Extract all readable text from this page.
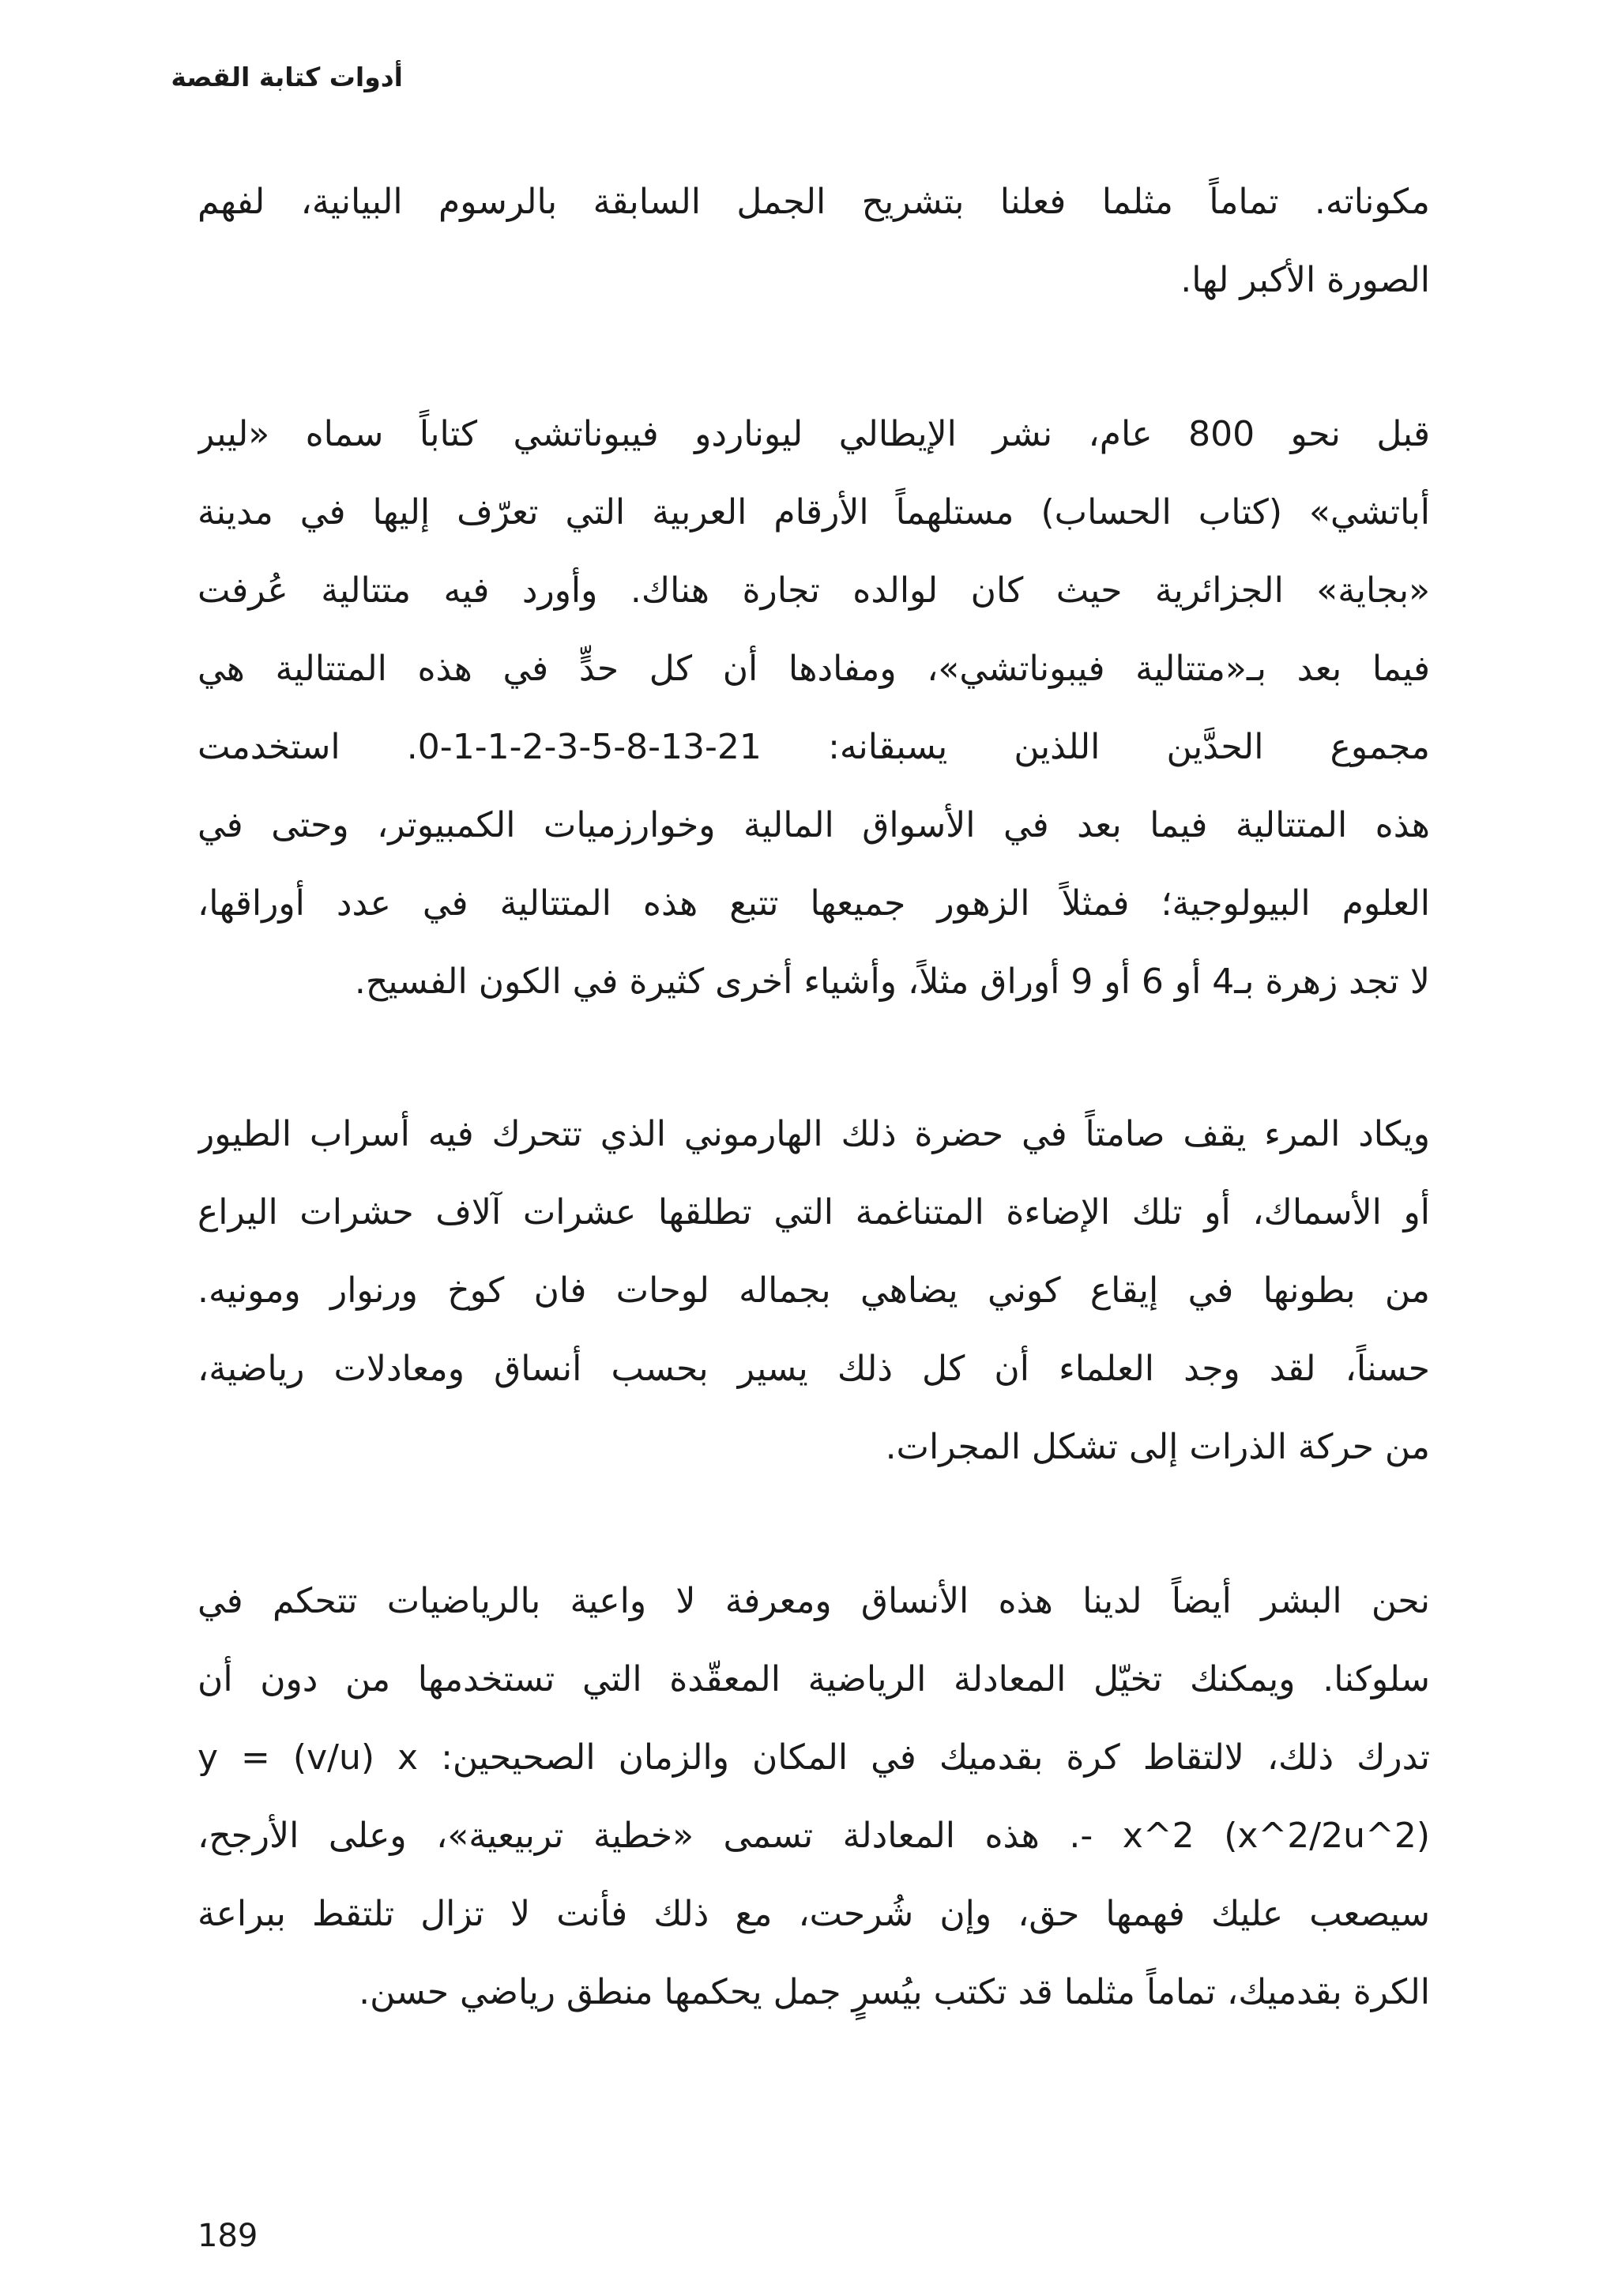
أدوات كتابة القصة
مكوناته. تماماً مثلما فعلنا بتشريح الجمل السابقة بالرسوم البيانية، لفهم
الصورة الأكبر لها.
قبل نحو 800 عام، نشر الإيطالي ليوناردو فيبوناتشي كتاباً سماه «ليبر
أباتشي» (كتاب الحساب) مستلهماً الأرقام العربية التي تعرّف إليها في مدينة
«بجاية» الجزائرية حيث كان لوالده تجارة هناك. وأورد فيه متتالية عُرفت
فيما بعد بـ«متتالية فيبوناتشي»، ومفادها أن كل حدٍّ في هذه المتتالية هي
مجموع الحدَّين اللذين يسبقانه: 21-13-8-5-3-2-1-1-0. استخدمت
هذه المتتالية فيما بعد في الأسواق المالية وخوارزميات الكمبيوتر، وحتى في
العلوم البيولوجية؛ فمثلاً الزهور جميعها تتبع هذه المتتالية في عدد أوراقها،
لا تجد زهرة بـ4 أو 6 أو 9 أوراق مثلاً، وأشياء أخرى كثيرة في الكون الفسيح.
ويكاد المرء يقف صامتاً في حضرة ذلك الهارموني الذي تتحرك فيه أسراب الطيور
أو الأسماك، أو تلك الإضاءة المتناغمة التي تطلقها عشرات آلاف حشرات اليراع
من بطونها في إيقاع كوني يضاهي بجماله لوحات فان كوخ ورنوار ومونيه.
حسناً، لقد وجد العلماء أن كل ذلك يسير بحسب أنساق ومعادلات رياضية،
من حركة الذرات إلى تشكل المجرات.
نحن البشر أيضاً لدينا هذه الأنساق ومعرفة لا واعية بالرياضيات تتحكم في
سلوكنا. ويمكنك تخيّل المعادلة الرياضية المعقّدة التي تستخدمها من دون أن
تدرك ذلك، لالتقاط كرة بقدميك في المكان والزمان الصحيحين: y = (v/u) x
x^2 (x^2/2u^2) -. هذه المعادلة تسمى «خطية تربيعية»، وعلى الأرجح،
سيصعب عليك فهمها حق، وإن شُرحت، مع ذلك فأنت لا تزال تلتقط ببراعة
الكرة بقدميك، تماماً مثلما قد تكتب بيُسرٍ جمل يحكمها منطق رياضي حسن.
189
